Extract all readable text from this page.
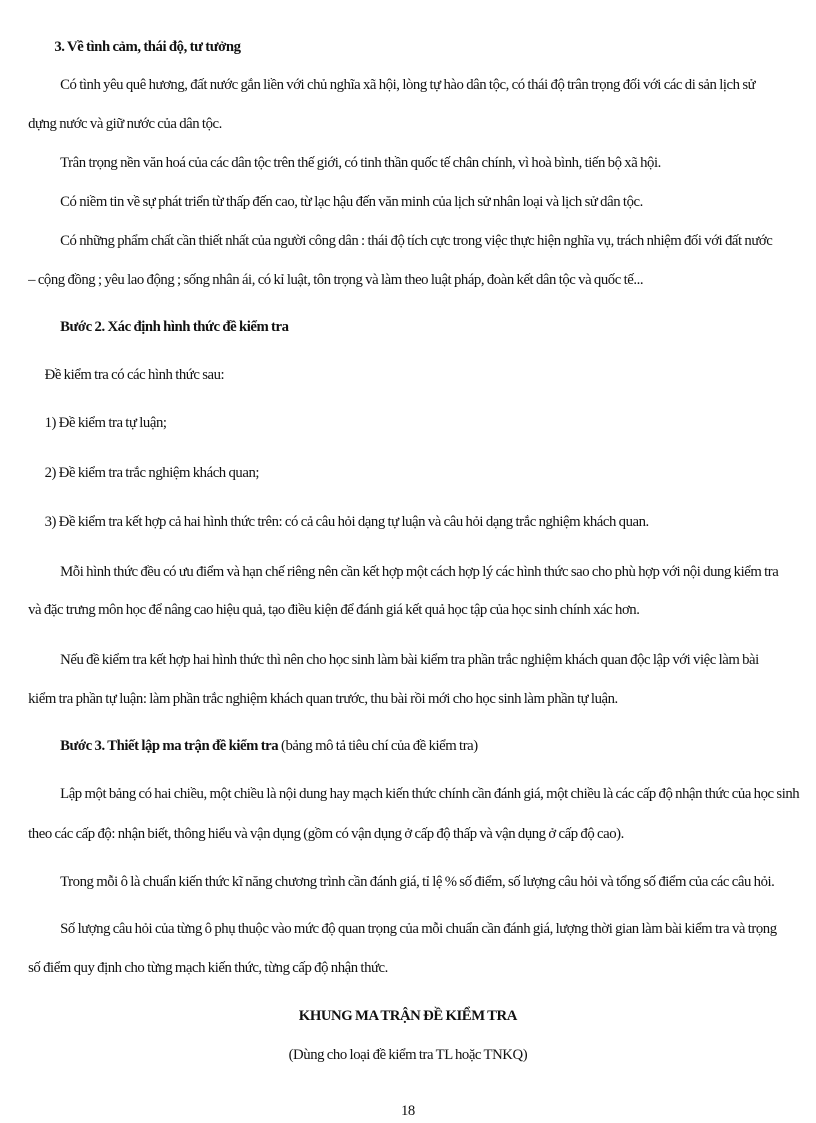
3. Về tình cảm, thái độ, tư tưởng
Có tình yêu quê hương, đất nước gắn liền với chủ nghĩa xã hội, lòng tự hào dân tộc, có thái độ trân trọng đối với các di sản lịch sử
dựng nước và giữ nước của dân tộc.
Trân trọng nền văn hoá của các dân tộc trên thế giới, có tinh thần quốc tế chân chính, vì hoà bình, tiến bộ xã hội.
Có niềm tin về sự phát triển từ thấp đến cao, từ lạc hậu đến văn minh của lịch sử nhân loại và lịch sử dân tộc.
Có những phẩm chất cần thiết nhất của người công dân : thái độ tích cực trong việc thực hiện nghĩa vụ, trách nhiệm đối với đất nước
– cộng đồng ; yêu lao động ; sống nhân ái, có kỉ luật, tôn trọng và làm theo luật pháp, đoàn kết dân tộc và quốc tế...
Bước 2. Xác định hình thức đề kiểm tra
Đề kiểm tra có các hình thức sau:
1) Đề kiểm tra tự luận;
2) Đề kiểm tra trắc nghiệm khách quan;
3) Đề kiểm tra kết hợp cả hai hình thức trên: có cả câu hỏi dạng tự luận và câu hỏi dạng trắc nghiệm khách quan.
Mỗi hình thức đều có ưu điểm và hạn chế riêng nên cần kết hợp một cách hợp lý các hình thức sao cho phù hợp với nội dung kiểm tra
và đặc trưng môn học để nâng cao hiệu quả, tạo điều kiện để đánh giá kết quả học tập của học sinh chính xác hơn.
Nếu đề kiểm tra kết hợp hai hình thức thì nên cho học sinh làm bài kiểm tra phần trắc nghiệm khách quan độc lập với việc làm bài
kiểm tra phần tự luận: làm phần trắc nghiệm khách quan trước, thu bài rồi mới cho học sinh làm phần tự luận.
Bước 3. Thiết lập ma trận đề kiểm tra (bảng mô tả tiêu chí của đề kiểm tra)
Lập một bảng có hai chiều, một chiều là nội dung hay mạch kiến thức chính cần đánh giá, một chiều là các cấp độ nhận thức của học sinh
theo các cấp độ: nhận biết, thông hiểu và vận dụng (gồm có vận dụng ở cấp độ thấp và vận dụng ở cấp độ cao).
Trong mỗi ô là chuẩn kiến thức kĩ năng chương trình cần đánh giá, tỉ lệ % số điểm, số lượng câu hỏi và tổng số điểm của các câu hỏi.
Số lượng câu hỏi của từng ô phụ thuộc vào mức độ quan trọng của mỗi chuẩn cần đánh giá, lượng thời gian làm bài kiểm tra và trọng
số điểm quy định cho từng mạch kiến thức, từng cấp độ nhận thức.
KHUNG MA TRẬN ĐỀ KIỂM TRA
(Dùng cho loại đề kiểm tra TL hoặc TNKQ)
18
